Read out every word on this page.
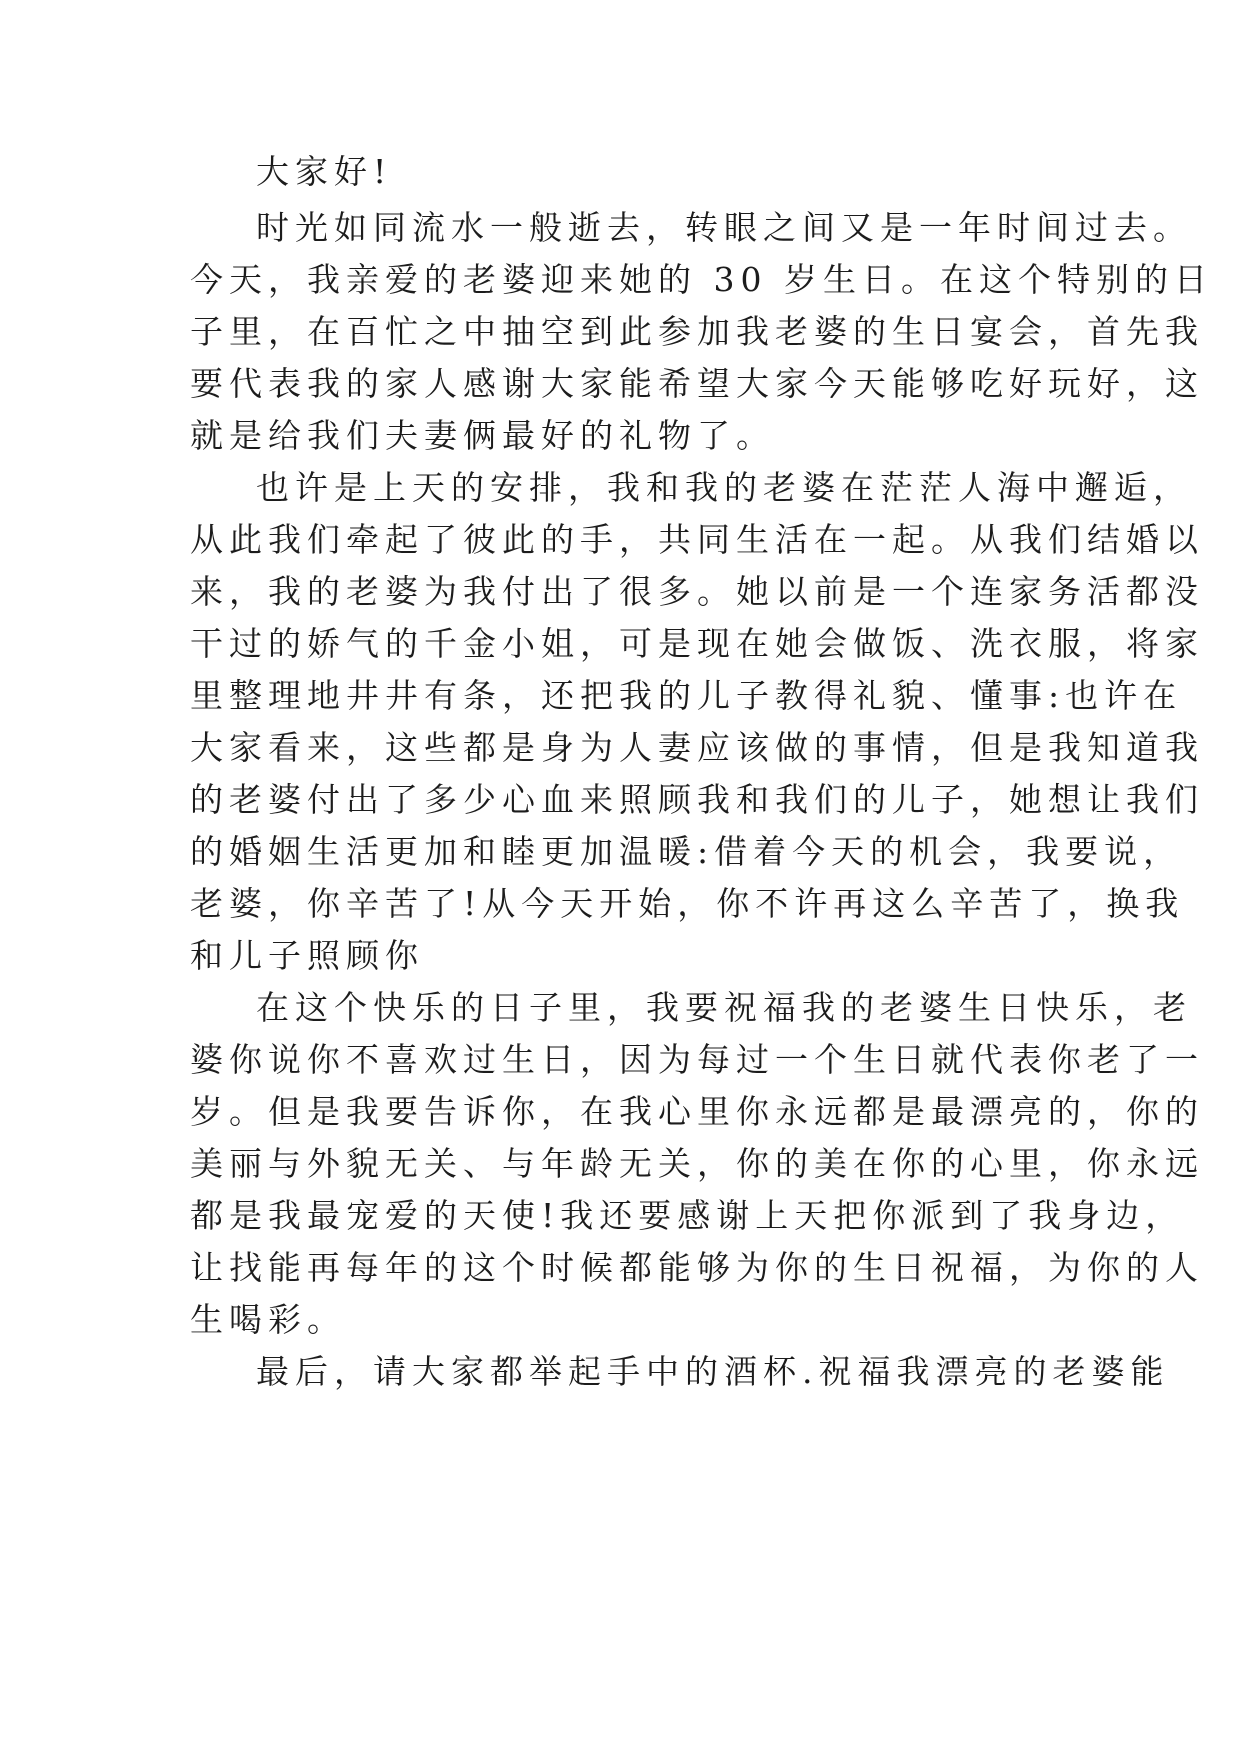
大家好!
时光如同流水一般逝去，转眼之间又是一年时间过去。
今天，我亲爱的老婆迎来她的 30 岁生日。在这个特别的日
子里，在百忙之中抽空到此参加我老婆的生日宴会，首先我
要代表我的家人感谢大家能希望大家今天能够吃好玩好，这
就是给我们夫妻俩最好的礼物了。
也许是上天的安排，我和我的老婆在茫茫人海中邂逅，
从此我们牵起了彼此的手，共同生活在一起。从我们结婚以
来，我的老婆为我付出了很多。她以前是一个连家务活都没
干过的娇气的千金小姐，可是现在她会做饭、洗衣服，将家
里整理地井井有条，还把我的儿子教得礼貌、懂事:也许在
大家看来，这些都是身为人妻应该做的事情，但是我知道我
的老婆付出了多少心血来照顾我和我们的儿子，她想让我们
的婚姻生活更加和睦更加温暖:借着今天的机会，我要说，
老婆，你辛苦了!从今天开始，你不许再这么辛苦了，换我
和儿子照顾你
在这个快乐的日子里，我要祝福我的老婆生日快乐，老
婆你说你不喜欢过生日，因为每过一个生日就代表你老了一
岁。但是我要告诉你，在我心里你永远都是最漂亮的，你的
美丽与外貌无关、与年龄无关，你的美在你的心里，你永远
都是我最宠爱的天使!我还要感谢上天把你派到了我身边，
让找能再每年的这个时候都能够为你的生日祝福，为你的人
生喝彩。
最后，请大家都举起手中的酒杯.祝福我漂亮的老婆能
